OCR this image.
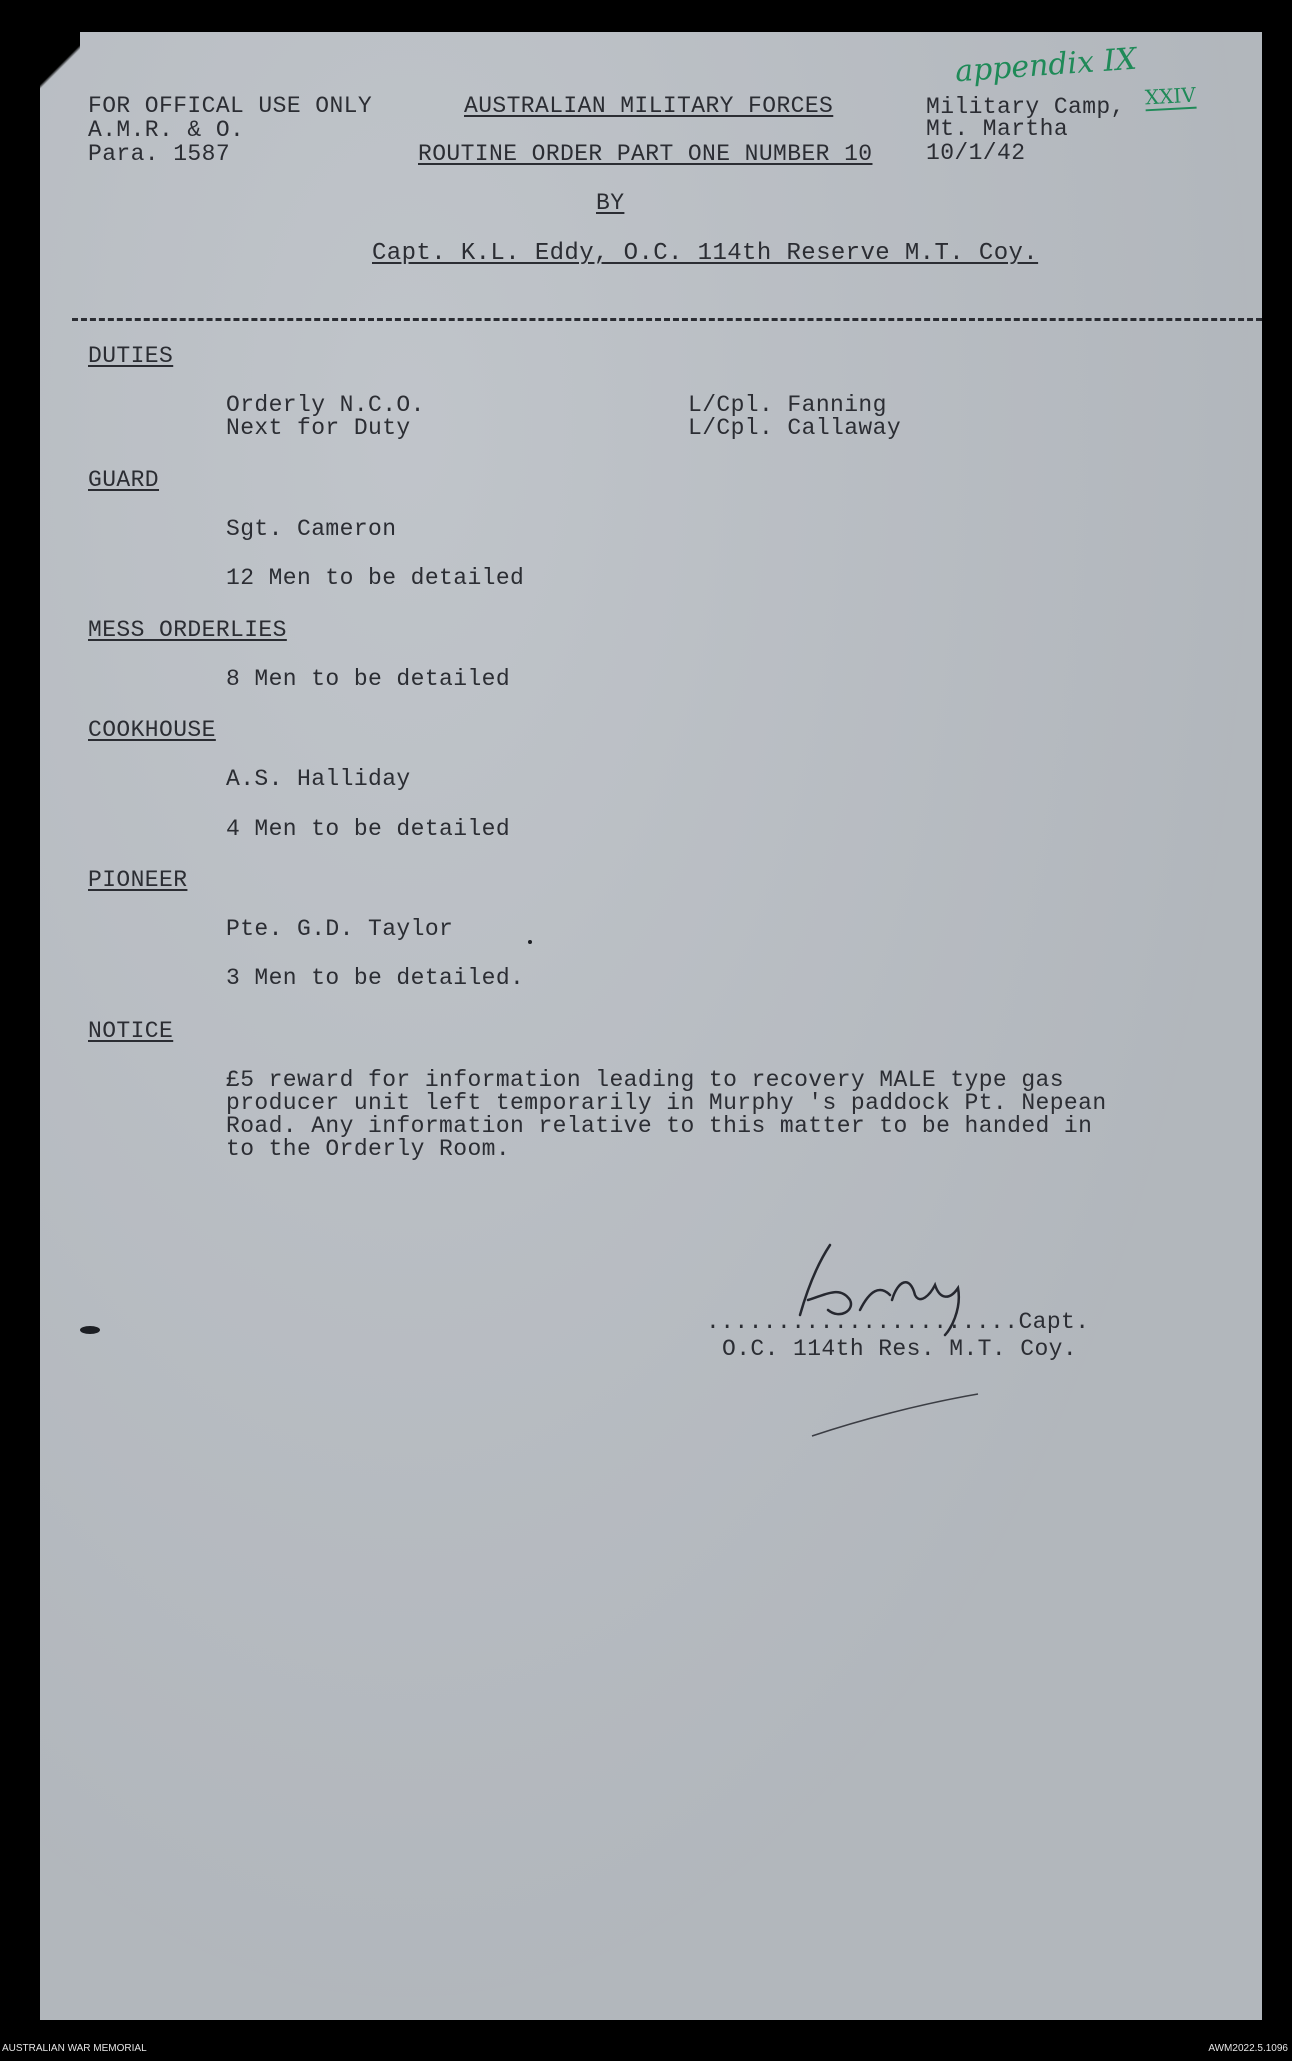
FOR OFFICAL USE ONLY
A.M.R. & O.
Para. 1587
AUSTRALIAN MILITARY FORCES
ROUTINE ORDER PART ONE NUMBER 10
BY
Capt. K.L. Eddy, O.C. 114th Reserve M.T. Coy.
Military Camp,
Mt. Martha
10/1/42
appendix IX
XXIV
DUTIES
Orderly N.C.O.
Next for Duty
L/Cpl. Fanning
L/Cpl. Callaway
GUARD
Sgt. Cameron
12 Men to be detailed
MESS ORDERLIES
8 Men to be detailed
COOKHOUSE
A.S. Halliday
4 Men to be detailed
PIONEER
Pte. G.D. Taylor
3 Men to be detailed.
NOTICE
£5 reward for information leading to recovery MALE type gas
producer unit left temporarily in Murphy 's paddock Pt. Nepean
Road. Any information relative to this matter to be handed in
to the Orderly Room.
......................Capt.
O.C. 114th Res. M.T. Coy.
AUSTRALIAN WAR MEMORIAL	AWM2022.5.1096
